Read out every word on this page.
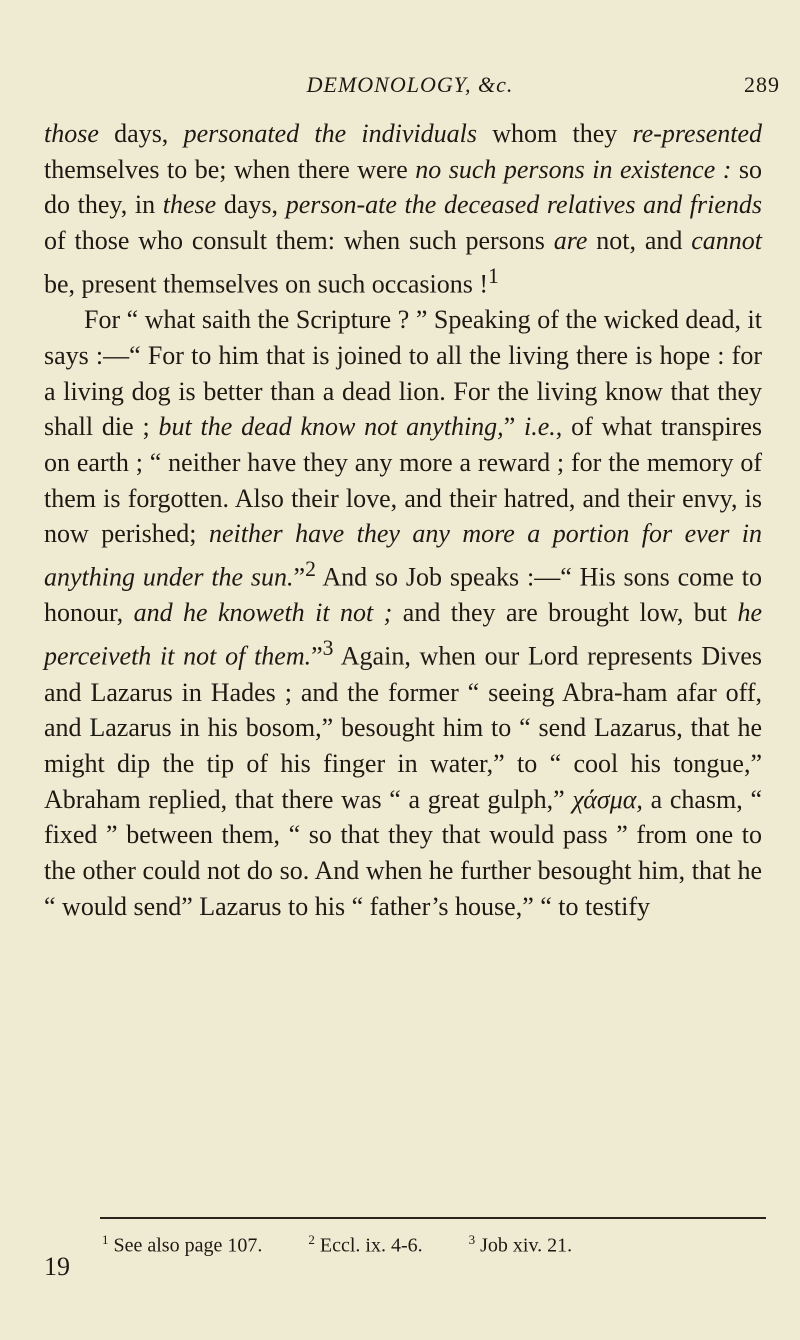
DEMONOLOGY, &c.	289

those days, personated the individuals whom they re-presented themselves to be; when there were no such persons in existence : so do they, in these days, person-ate the deceased relatives and friends of those who consult them: when such persons are not, and cannot be, present themselves on such occasions !$^1$

For “ what saith the Scripture ? ” Speaking of the wicked dead, it says :—“ For to him that is joined to all the living there is hope : for a living dog is better than a dead lion. For the living know that they shall die ; but the dead know not anything,” i.e., of what transpires on earth ; “ neither have they any more a reward ; for the memory of them is forgotten. Also their love, and their hatred, and their envy, is now perished; neither have they any more a portion for ever in anything under the sun.”$^2$ And so Job speaks :—“ His sons come to honour, and he knoweth it not ; and they are brought low, but he perceiveth it not of them.”$^3$ Again, when our Lord represents Dives and Lazarus in Hades ; and the former “ seeing Abra-ham afar off, and Lazarus in his bosom,” besought him to “ send Lazarus, that he might dip the tip of his finger in water,” to “ cool his tongue,” Abraham replied, that there was “ a great gulph,” χάσμα, a chasm, “ fixed ” between them, “ so that they that would pass ” from one to the other could not do so. And when he further besought him, that he “ would send” Lazarus to his “ father’s house,” “ to testify

$^1$ See also page 107.	$^2$ Eccl. ix. 4-6.	$^3$ Job xiv. 21.
19
